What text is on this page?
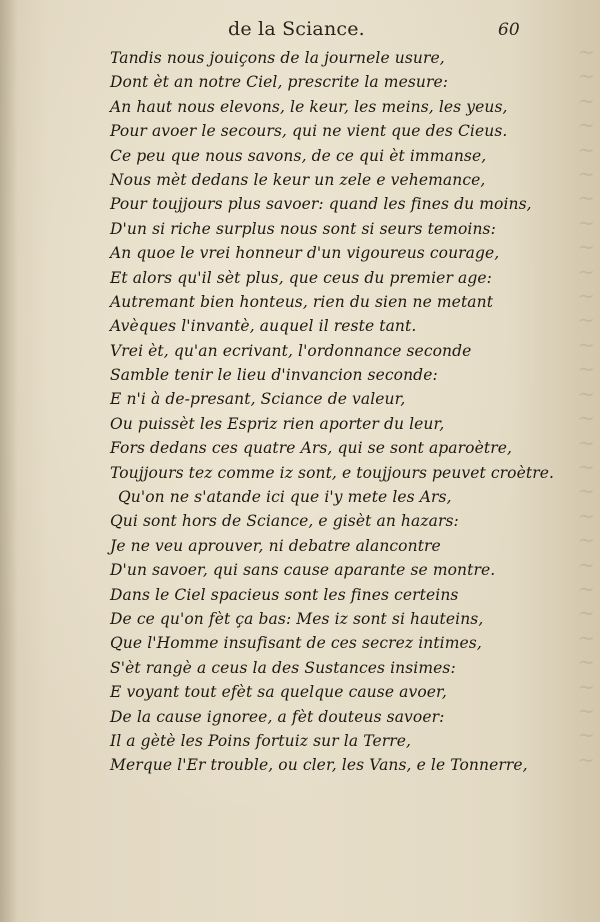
~
~
~
~
~
~
~
~
~
~
~
~
~
~
~
~
~
~
~
~
~
~
~
~
~
~
~
~
~
~
de la Sciance.	60
Tandis nous jouiçons de la journele usure,
Dont èt an notre Ciel, prescrite la mesure:
An haut nous elevons, le keur, les meins, les yeus,
Pour avoer le secours, qui ne vient que des Cieus.
Ce peu que nous savons, de ce qui èt immanse,
Nous mèt dedans le keur un zele e vehemance,
Pour toujjours plus savoer: quand les fines du moins,
D'un si riche surplus nous sont si seurs temoins:
An quoe le vrei honneur d'un vigoureus courage,
Et alors qu'il sèt plus, que ceus du premier age:
Autremant bien honteus, rien du sien ne metant
Avèques l'invantè, auquel il reste tant.
Vrei èt, qu'an ecrivant, l'ordonnance seconde
Samble tenir le lieu d'invancion seconde:
E n'i à de-presant, Sciance de valeur,
Ou puissèt les Espriz rien aporter du leur,
Fors dedans ces quatre Ars, qui se sont aparoètre,
Toujjours tez comme iz sont, e toujjours peuvet croètre.
Qu'on ne s'atande ici que i'y mete les Ars,
Qui sont hors de Sciance, e gisèt an hazars:
Je ne veu aprouver, ni debatre alancontre
D'un savoer, qui sans cause aparante se montre.
Dans le Ciel spacieus sont les fines certeins
De ce qu'on fèt ça bas: Mes iz sont si hauteins,
Que l'Homme insufisant de ces secrez intimes,
S'èt rangè a ceus la des Sustances insimes:
E voyant tout efèt sa quelque cause avoer,
De la cause ignoree, a fèt douteus savoer:
Il a gètè les Poins fortuiz sur la Terre,
Merque l'Er trouble, ou cler, les Vans, e le Tonnerre,
